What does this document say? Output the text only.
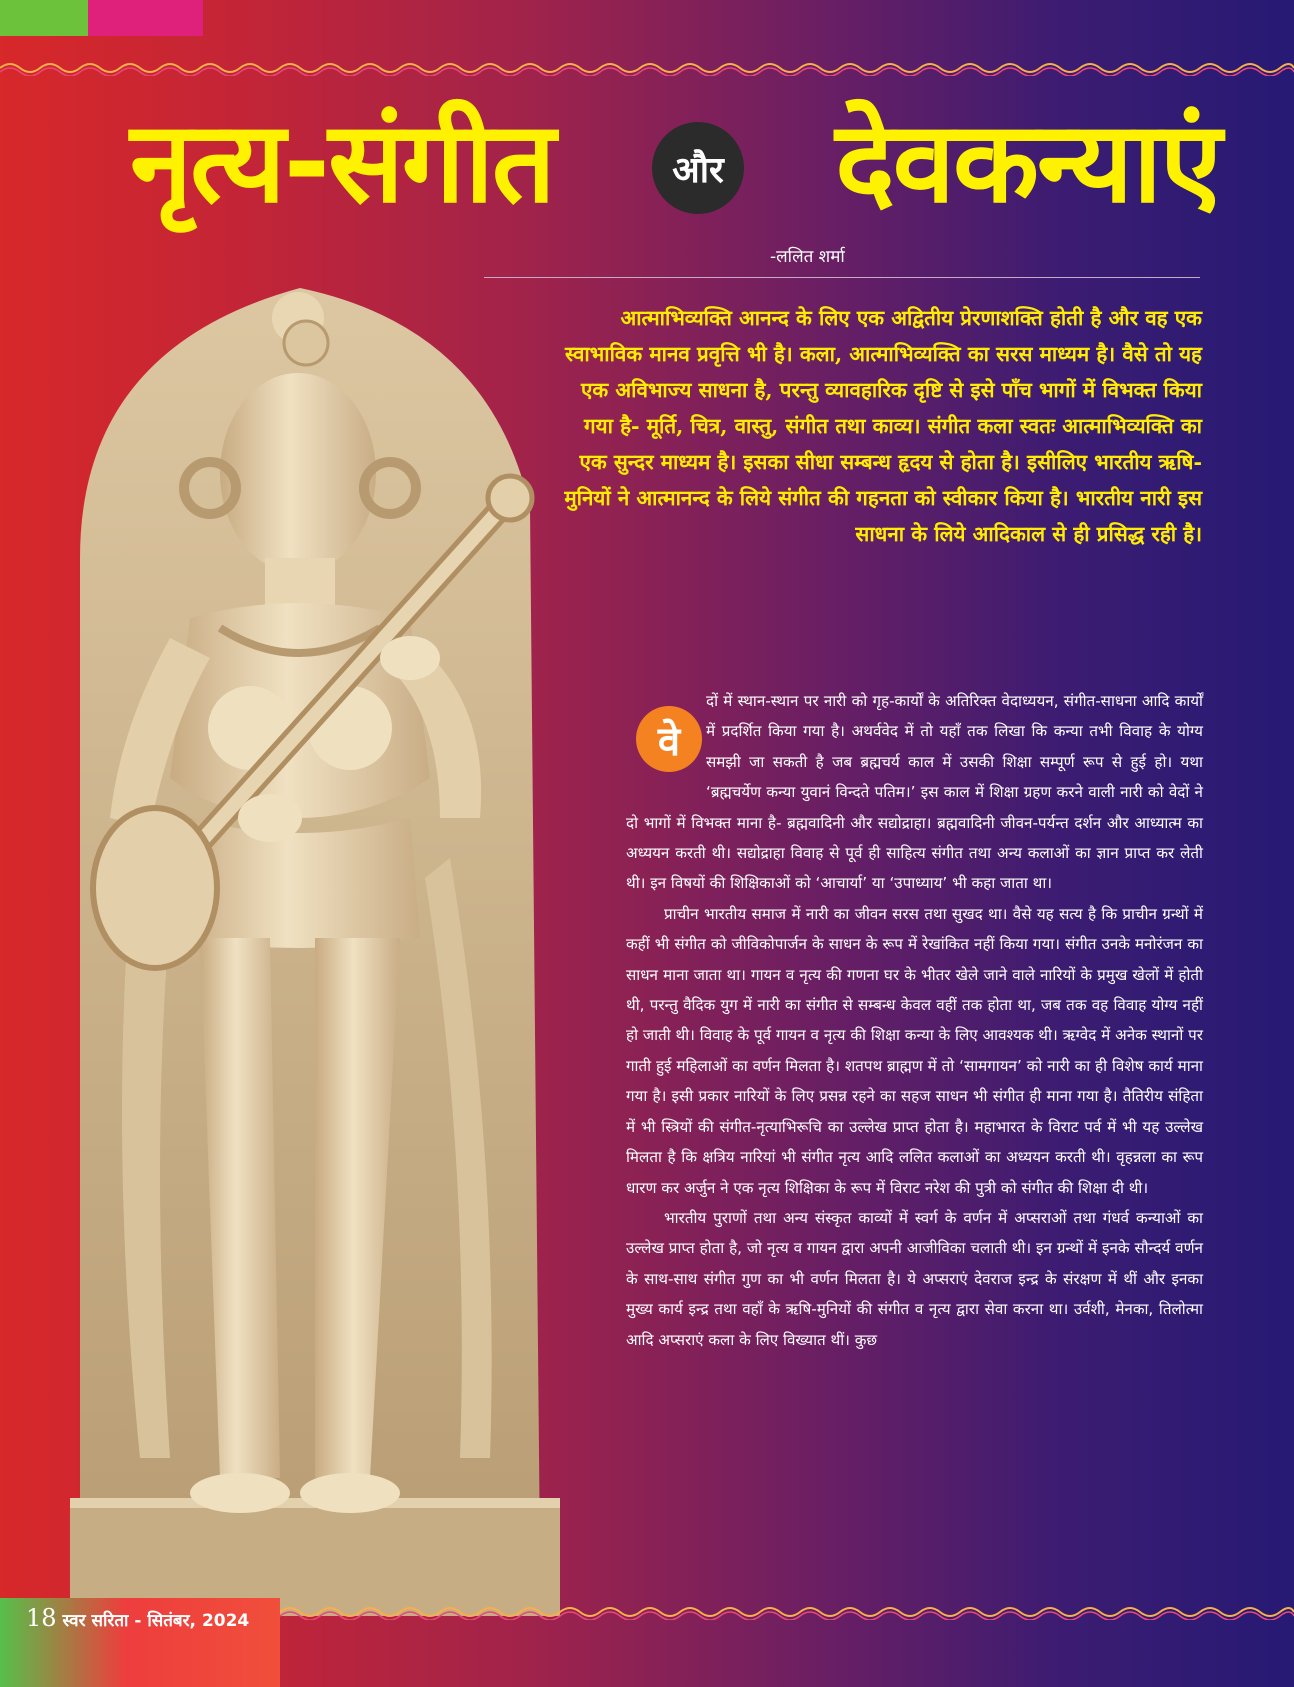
नृत्य-संगीत	और देवकन्याएं
-ललित शर्मा

आत्माभिव्यक्ति आनन्द के लिए एक अद्वितीय प्रेरणाशक्ति होती है और वह एक स्वाभाविक मानव प्रवृत्ति भी है। कला, आत्माभिव्यक्ति का सरस माध्यम है। वैसे तो यह एक अविभाज्य साधना है, परन्तु व्यावहारिक दृष्टि से इसे पाँच भागों में विभक्त किया गया है- मूर्ति, चित्र, वास्तु, संगीत तथा काव्य। संगीत कला स्वतः आत्माभिव्यक्ति का एक सुन्दर माध्यम है। इसका सीधा सम्बन्ध हृदय से होता है। इसीलिए भारतीय ऋषि-मुनियों ने आत्मानन्द के लिये संगीत की गहनता को स्वीकार किया है। भारतीय नारी इस साधना के लिये आदिकाल से ही प्रसिद्ध रही है।

दों में स्थान-स्थान पर नारी को गृह-कार्यों के अतिरिक्त वेदाध्ययन, संगीत-साधना आदि कार्यों में प्रदर्शित किया गया है। अथर्ववेद में तो यहाँ तक लिखा कि कन्या तभी विवाह के योग्य समझी जा सकती है जब ब्रह्मचर्य काल में उसकी शिक्षा सम्पूर्ण रूप से हुई हो। यथा ‘ब्रह्मचर्येण कन्या युवानं विन्दते पतिम।’ इस काल में शिक्षा ग्रहण करने वाली नारी को वेदों ने दो भागों में विभक्त माना है- ब्रह्मवादिनी और सद्योद्राहा। ब्रह्मवादिनी जीवन-पर्यन्त दर्शन और आध्यात्म का अध्ययन करती थी। सद्योद्राहा विवाह से पूर्व ही साहित्य संगीत तथा अन्य कलाओं का ज्ञान प्राप्त कर लेती थी। इन विषयों की शिक्षिकाओं को ‘आचार्या’ या ‘उपाध्याय’ भी कहा जाता था।

प्राचीन भारतीय समाज में नारी का जीवन सरस तथा सुखद था। वैसे यह सत्य है कि प्राचीन ग्रन्थों में कहीं भी संगीत को जीविकोपार्जन के साधन के रूप में रेखांकित नहीं किया गया। संगीत उनके मनोरंजन का साधन माना जाता था। गायन व नृत्य की गणना घर के भीतर खेले जाने वाले नारियों के प्रमुख खेलों में होती थी, परन्तु वैदिक युग में नारी का संगीत से सम्बन्ध केवल वहीं तक होता था, जब तक वह विवाह योग्य नहीं हो जाती थी। विवाह के पूर्व गायन व नृत्य की शिक्षा कन्या के लिए आवश्यक थी। ऋग्वेद में अनेक स्थानों पर गाती हुई महिलाओं का वर्णन मिलता है। शतपथ ब्राह्मण में तो ‘सामगायन’ को नारी का ही विशेष कार्य माना गया है। इसी प्रकार नारियों के लिए प्रसन्न रहने का सहज साधन भी संगीत ही माना गया है। तैतिरीय संहिता में भी स्त्रियों की संगीत-नृत्याभिरूचि का उल्लेख प्राप्त होता है। महाभारत के विराट पर्व में भी यह उल्लेख मिलता है कि क्षत्रिय नारियां भी संगीत नृत्य आदि ललित कलाओं का अध्ययन करती थी। वृहन्नला का रूप धारण कर अर्जुन ने एक नृत्य शिक्षिका के रूप में विराट नरेश की पुत्री को संगीत की शिक्षा दी थी।

भारतीय पुराणों तथा अन्य संस्कृत काव्यों में स्वर्ग के वर्णन में अप्सराओं तथा गंधर्व कन्याओं का उल्लेख प्राप्त होता है, जो नृत्य व गायन द्वारा अपनी आजीविका चलाती थी। इन ग्रन्थों में इनके सौन्दर्य वर्णन के साथ-साथ संगीत गुण का भी वर्णन मिलता है। ये अप्सराएं देवराज इन्द्र के संरक्षण में थीं और इनका मुख्य कार्य इन्द्र तथा वहाँ के ऋषि-मुनियों की संगीत व नृत्य द्वारा सेवा करना था। उर्वशी, मेनका, तिलोत्मा आदि अप्सराएं कला के लिए विख्यात थीं। कुछ

वे
18 स्वर सरिता - सितंबर, 2024
